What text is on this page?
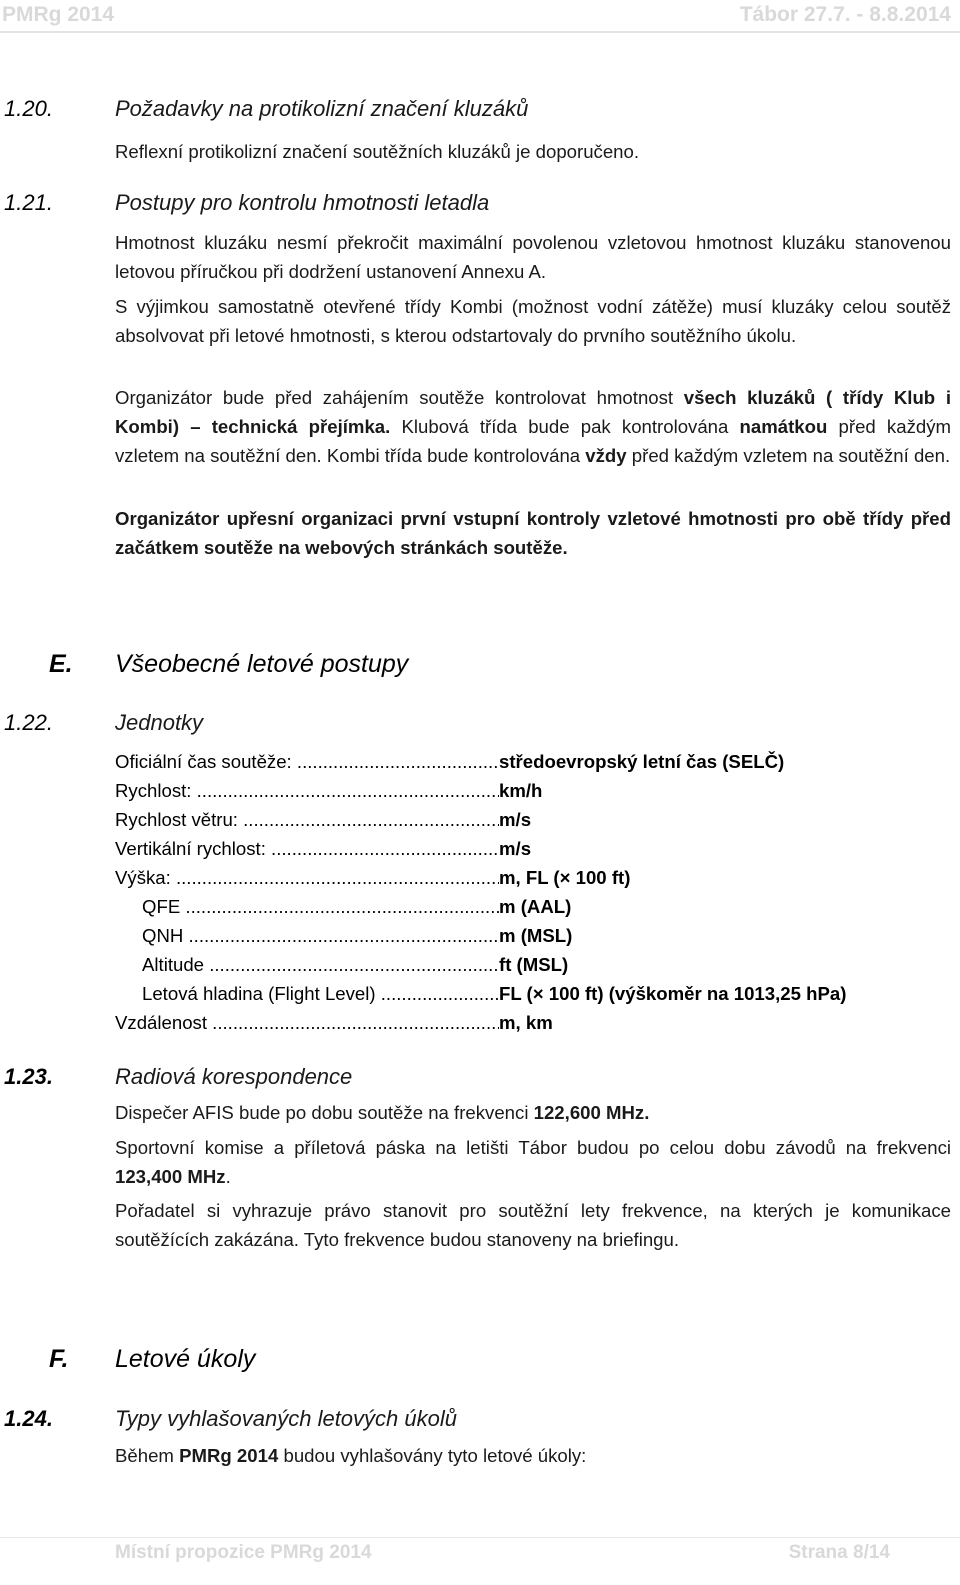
PMRg 2014	Tábor 27.7. - 8.8.2014
1.20.	Požadavky na protikolizní značení kluzáků
Reflexní protikolizní značení soutěžních kluzáků je doporučeno.
1.21.	Postupy pro kontrolu hmotnosti letadla
Hmotnost kluzáku nesmí překročit maximální povolenou vzletovou hmotnost kluzáku stanovenou letovou příručkou při dodržení ustanovení Annexu A.
S výjimkou samostatně otevřené třídy Kombi (možnost vodní zátěže) musí kluzáky celou soutěž absolvovat při letové hmotnosti, s kterou odstartovaly do prvního soutěžního úkolu.
Organizátor bude před zahájením soutěže kontrolovat hmotnost všech kluzáků ( třídy Klub i Kombi) – technická přejímka. Klubová třída bude pak kontrolována namátkou před každým vzletem na soutěžní den. Kombi třída bude kontrolována vždy před každým vzletem na soutěžní den.
Organizátor upřesní organizaci první vstupní kontroly vzletové hmotnosti pro obě třídy před začátkem soutěže na webových stránkách soutěže.
E. Všeobecné letové postupy
1.22.	Jednotky
Oficiální čas soutěže: .....	středoevropský letní čas (SELČ)
Rychlost: .....	km/h
Rychlost větru: .....	m/s
Vertikální rychlost: .....	m/s
Výška: .....	m, FL (× 100 ft)
QFE .....	m (AAL)
QNH .....	m (MSL)
Altitude .....	ft (MSL)
Letová hladina (Flight Level) .....	FL (× 100 ft) (výškoměr na 1013,25 hPa)
Vzdálenost .....	m, km
1.23.	Radiová korespondence
Dispečer AFIS bude po dobu soutěže na frekvenci 122,600 MHz.
Sportovní komise a příletová páska na letišti Tábor budou po celou dobu závodů na frekvenci 123,400 MHz.
Pořadatel si vyhrazuje právo stanovit pro soutěžní lety frekvence, na kterých je komunikace soutěžících zakázána. Tyto frekvence budou stanoveny na briefingu.
F. Letové úkoly
1.24.	Typy vyhlašovaných letových úkolů
Během PMRg 2014 budou vyhlašovány tyto letové úkoly:
Místní propozice PMRg 2014	Strana 8/14
